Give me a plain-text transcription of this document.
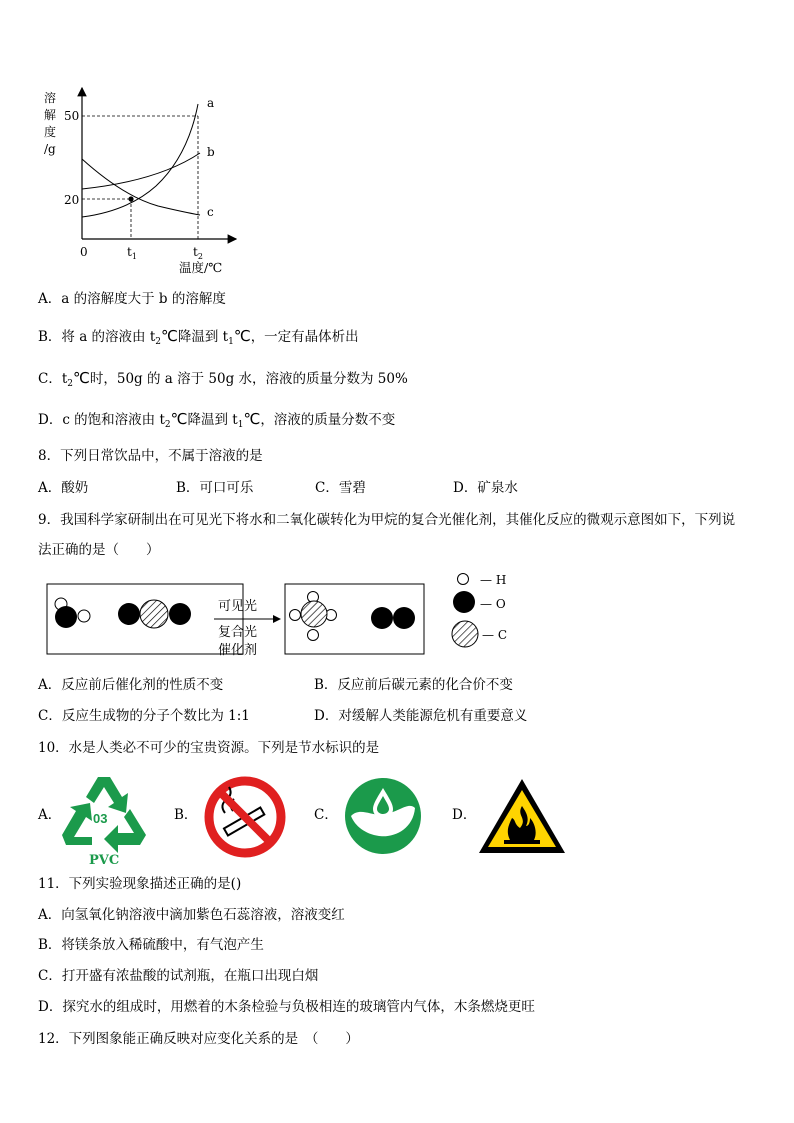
溶
解
度
/g
50
20
0	$t_1$	$t_2$
温度/℃
a
b
c
A．a 的溶解度大于 b 的溶解度
B．将 a 的溶液由 $t_2℃$降温到 $t_1℃$，一定有晶体析出
C．$t_2℃$时，50g 的 a 溶于 50g 水，溶液的质量分数为 50%
D．c 的饱和溶液由 $t_2℃$降温到 $t_1℃$，溶液的质量分数不变
8．下列日常饮品中，不属于溶液的是
A．酸奶	B．可口可乐	C．雪碧	D．矿泉水
9．我国科学家研制出在可见光下将水和二氧化碳转化为甲烷的复合光催化剂，其催化反应的微观示意图如下，下列说
法正确的是（　　）
可见光
复合光
催化剂
— H
— O
— C
A．反应前后催化剂的性质不变	B．反应前后碳元素的化合价不变
C．反应生成物的分子个数比为 1:1	D．对缓解人类能源危机有重要意义
10．水是人类必不可少的宝贵资源。下列是节水标识的是
A． 03
PVC
B．	C．	D．
11．下列实验现象描述正确的是()
A．向氢氧化钠溶液中滴加紫色石蕊溶液，溶液变红
B．将镁条放入稀硫酸中，有气泡产生
C．打开盛有浓盐酸的试剂瓶，在瓶口出现白烟
D．探究水的组成时，用燃着的木条检验与负极相连的玻璃管内气体，木条燃烧更旺
12．下列图象能正确反映对应变化关系的是　（　　）
